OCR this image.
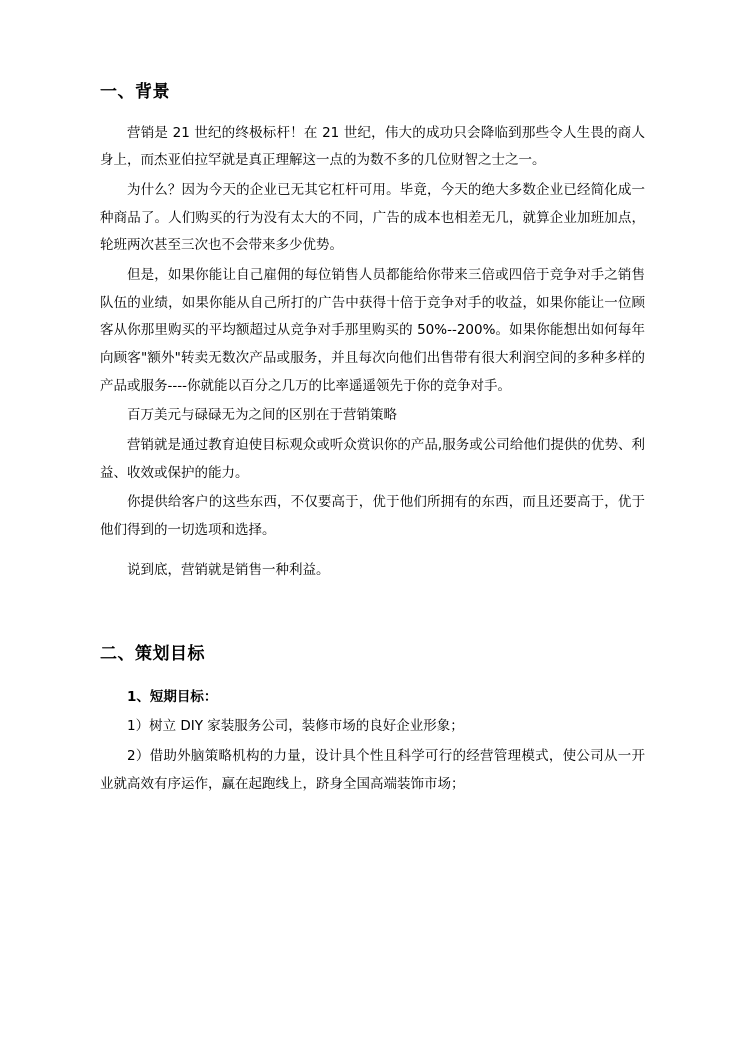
一、背景

营销是 21 世纪的终极标杆！在 21 世纪，伟大的成功只会降临到那些令人生畏的商人身上，而杰亚伯拉罕就是真正理解这一点的为数不多的几位财智之士之一。

为什么？因为今天的企业已无其它杠杆可用。毕竟，今天的绝大多数企业已经简化成一种商品了。人们购买的行为没有太大的不同，广告的成本也相差无几，就算企业加班加点，轮班两次甚至三次也不会带来多少优势。

但是，如果你能让自己雇佣的每位销售人员都能给你带来三倍或四倍于竞争对手之销售队伍的业绩，如果你能从自己所打的广告中获得十倍于竞争对手的收益，如果你能让一位顾客从你那里购买的平均额超过从竞争对手那里购买的 50%--200%。如果你能想出如何每年向顾客"额外"转卖无数次产品或服务，并且每次向他们出售带有很大利润空间的多种多样的产品或服务----你就能以百分之几万的比率遥遥领先于你的竞争对手。

百万美元与碌碌无为之间的区别在于营销策略

营销就是通过教育迫使目标观众或听众赏识你的产品,服务或公司给他们提供的优势、利益、收效或保护的能力。

你提供给客户的这些东西，不仅要高于，优于他们所拥有的东西，而且还要高于，优于他们得到的一切选项和选择。

说到底，营销就是销售一种利益。

二、策划目标

1、短期目标：

1）树立 DIY 家装服务公司，装修市场的良好企业形象；

2）借助外脑策略机构的力量，设计具个性且科学可行的经营管理模式，使公司从一开业就高效有序运作，赢在起跑线上，跻身全国高端装饰市场；
